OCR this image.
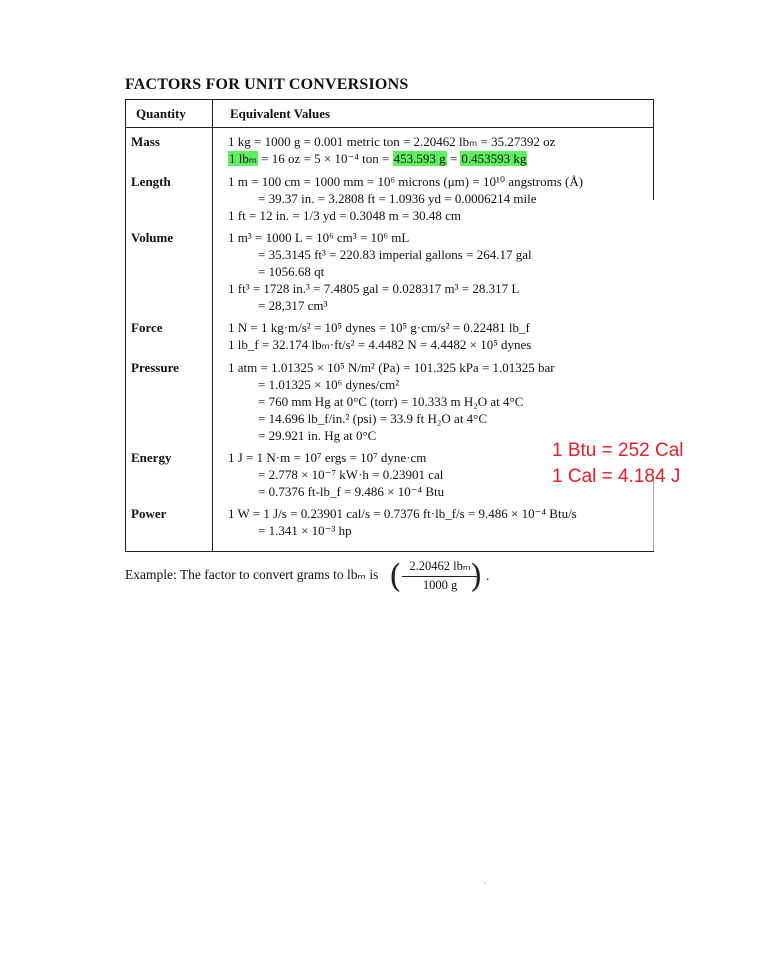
FACTORS FOR UNIT CONVERSIONS
Quantity	Equivalent Values
Mass
Length
Volume
Force
Pressure
Energy
Power
1 kg = 1000 g = 0.001 metric ton = 2.20462 lbₘ = 35.27392 oz
1 lbₘ = 16 oz = 5 × 10⁻⁴ ton = 453.593 g = 0.453593 kg
1 m = 100 cm = 1000 mm = 10⁶ microns (μm) = 10¹⁰ angstroms (Å)
= 39.37 in. = 3.2808 ft = 1.0936 yd = 0.0006214 mile
1 ft = 12 in. = 1/3 yd = 0.3048 m = 30.48 cm
1 m³ = 1000 L = 10⁶ cm³ = 10⁶ mL
= 35.3145 ft³ = 220.83 imperial gallons = 264.17 gal
= 1056.68 qt
1 ft³ = 1728 in.³ = 7.4805 gal = 0.028317 m³ = 28.317 L
= 28,317 cm³
1 N = 1 kg·m/s² = 10⁵ dynes = 10⁵ g·cm/s² = 0.22481 lb_f
1 lb_f = 32.174 lbₘ·ft/s² = 4.4482 N = 4.4482 × 10⁵ dynes
1 atm = 1.01325 × 10⁵ N/m² (Pa) = 101.325 kPa = 1.01325 bar
= 1.01325 × 10⁶ dynes/cm²
= 760 mm Hg at 0°C (torr) = 10.333 m H₂O at 4°C
= 14.696 lb_f/in.² (psi) = 33.9 ft H₂O at 4°C
= 29.921 in. Hg at 0°C
1 J = 1 N·m = 10⁷ ergs = 10⁷ dyne·cm
= 2.778 × 10⁻⁷ kW·h = 0.23901 cal
= 0.7376 ft-lb_f = 9.486 × 10⁻⁴ Btu
1 W = 1 J/s = 0.23901 cal/s = 0.7376 ft·lb_f/s = 9.486 × 10⁻⁴ Btu/s
= 1.341 × 10⁻³ hp
1 Btu = 252 Cal
1 Cal = 4.184 J
Example: The factor to convert grams to lbₘ is ( 2.20462 lbₘ
1000 g ) .
